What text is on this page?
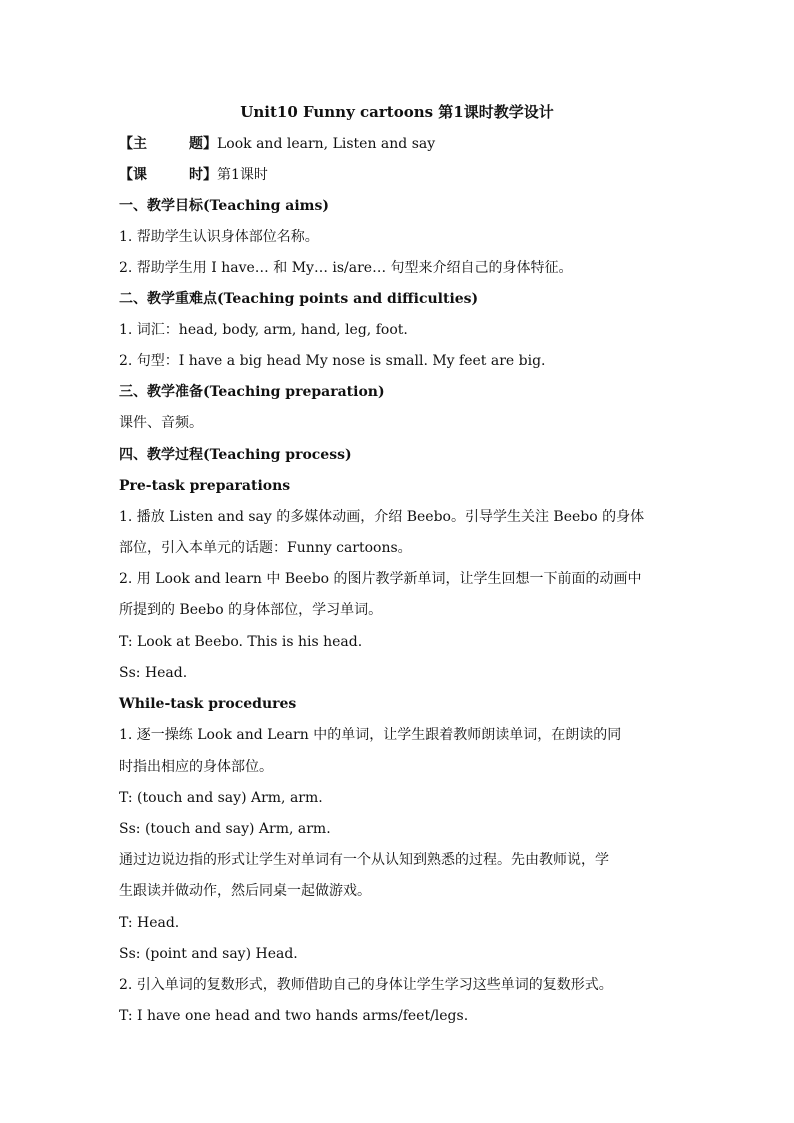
Unit10 Funny cartoons 第1课时教学设计
【主	题】Look and learn, Listen and say
【课	时】第1课时
一、教学目标(Teaching aims)
1. 帮助学生认识身体部位名称。
2. 帮助学生用 I have… 和 My… is/are… 句型来介绍自己的身体特征。
二、教学重难点(Teaching points and difficulties)
1. 词汇：head, body, arm, hand, leg, foot.
2. 句型：I have a big head My nose is small. My feet are big.
三、教学准备(Teaching preparation)
课件、音频。
四、教学过程(Teaching process)
Pre-task preparations
1. 播放 Listen and say 的多媒体动画，介绍 Beebo。引导学生关注 Beebo 的身体
部位，引入本单元的话题：Funny cartoons。
2. 用 Look and learn 中 Beebo 的图片教学新单词，让学生回想一下前面的动画中
所提到的 Beebo 的身体部位，学习单词。
T: Look at Beebo. This is his head.
Ss: Head.
While-task procedures
1. 逐一操练 Look and Learn 中的单词，让学生跟着教师朗读单词，在朗读的同
时指出相应的身体部位。
T: (touch and say) Arm, arm.
Ss: (touch and say) Arm, arm.
通过边说边指的形式让学生对单词有一个从认知到熟悉的过程。先由教师说，学
生跟读并做动作，然后同桌一起做游戏。
T: Head.
Ss: (point and say) Head.
2. 引入单词的复数形式，教师借助自己的身体让学生学习这些单词的复数形式。
T: I have one head and two hands arms/feet/legs.
